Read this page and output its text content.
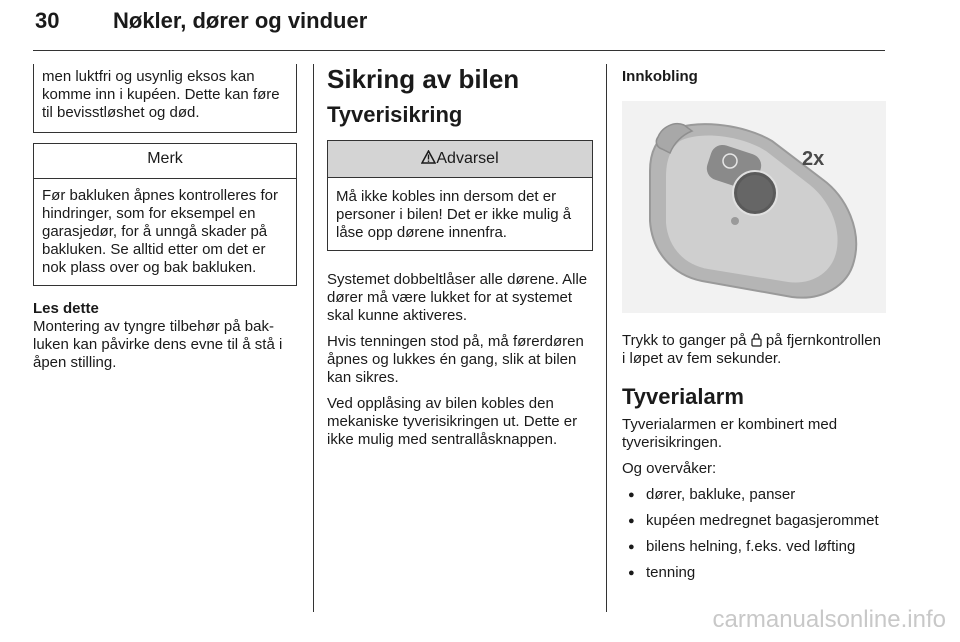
30 Nøkler, dører og vinduer
men luktfri og usynlig eksos kan komme inn i kupéen. Dette kan føre til bevisstløshet og død.
Merk
Før bakluken åpnes kontrolleres for hindringer, som for eksempel en garasjedør, for å unngå skader på bakluken. Se alltid etter om det er nok plass over og bak bakluken.
Les dette
Montering av tyngre tilbehør på bakluken kan påvirke dens evne til å stå i åpen stilling.
Sikring av bilen
Tyverisikring
Advarsel
Må ikke kobles inn dersom det er personer i bilen! Det er ikke mulig å låse opp dørene innenfra.

Systemet dobbeltlåser alle dørene. Alle dører må være lukket for at systemet skal kunne aktiveres.

Hvis tenningen stod på, må førerdøren åpnes og lukkes én gang, slik at bilen kan sikres.

Ved opplåsing av bilen kobles den mekaniske tyverisikringen ut. Dette er ikke mulig med sentrallåsknappen.

Innkobling
2x

Trykk to ganger på  på fjernkontrollen i løpet av fem sekunder.

Tyverialarm

Tyverialarmen er kombinert med tyverisikringen.

Og overvåker:

● dører, bakluke, panser
● kupéen medregnet bagasjerommet
● bilens helning, f.eks. ved løfting
● tenning
carmanualsonline.info
